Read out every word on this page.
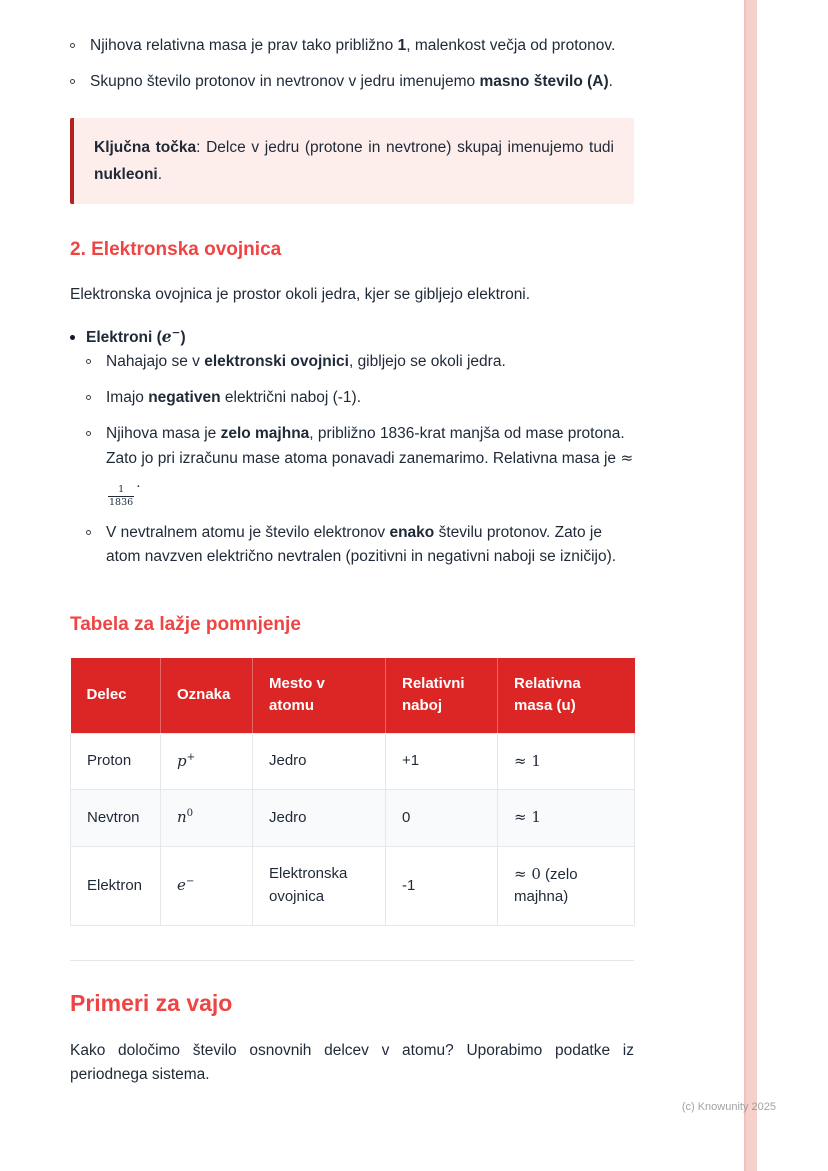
(c) Knowunity 2025
Njihova relativna masa je prav tako približno 1, malenkost večja od protonov.
Skupno število protonov in nevtronov v jedru imenujemo masno število (A).

Ključna točka: Delce v jedru (protone in nevtrone) skupaj imenujemo tudi nukleoni.

2. Elektronska ovojnica

Elektronska ovojnica je prostor okoli jedra, kjer se gibljejo elektroni.

Elektroni (e−)
Nahajajo se v elektronski ovojnici, gibljejo se okoli jedra.
Imajo negativen električni naboj (-1).
Njihova masa je zelo majhna, približno 1836-krat manjša od mase protona. Zato jo pri izračunu mase atoma ponavadi zanemarimo. Relativna masa je ≈
$\frac{1}{1836}$
.
V nevtralnem atomu je število elektronov enako številu protonov. Zato je atom navzven električno nevtralen (pozitivni in negativni naboji se izničijo).
Tabela za lažje pomnjenje
Delec	Oznaka	Mesto v atomu	Relativni naboj	Relativna masa (u)
Proton	p+	Jedro	+1	≈ 1
Nevtron	$n^0$	Jedro	0	≈ 1
Elektron	e−	Elektronska ovojnica	-1	≈ 0 (zelo majhna)
Primeri za vajo

Kako določimo število osnovnih delcev v atomu? Uporabimo podatke iz periodnega sistema.
